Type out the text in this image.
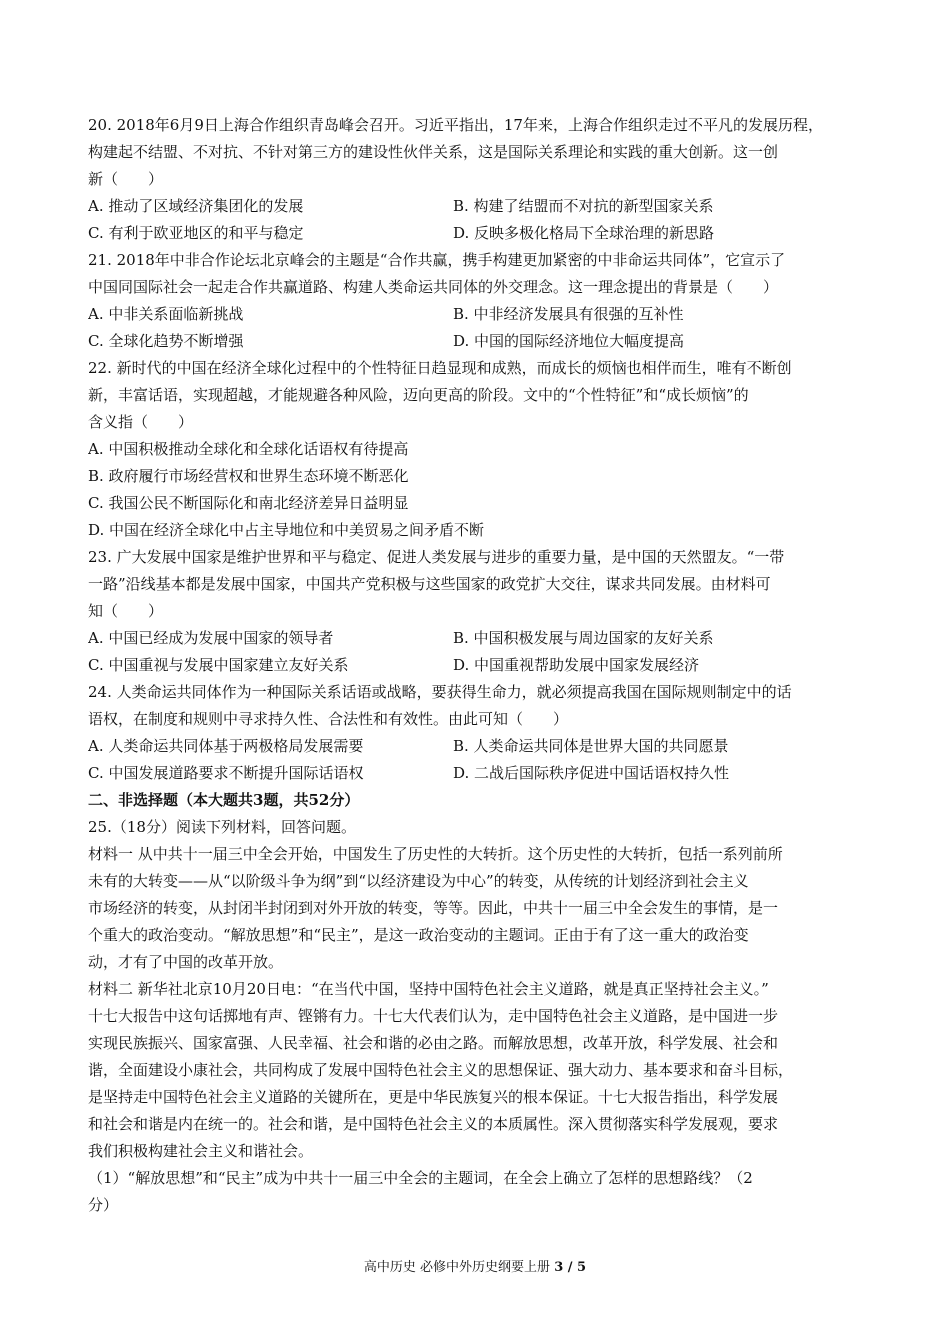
20. 2018年6月9日上海合作组织青岛峰会召开。习近平指出，17年来，上海合作组织走过不平凡的发展历程，
构建起不结盟、不对抗、不针对第三方的建设性伙伴关系，这是国际关系理论和实践的重大创新。这一创
新（　　）
A. 推动了区域经济集团化的发展	B. 构建了结盟而不对抗的新型国家关系
C. 有利于欧亚地区的和平与稳定	D. 反映多极化格局下全球治理的新思路
21. 2018年中非合作论坛北京峰会的主题是“合作共赢，携手构建更加紧密的中非命运共同体”，它宣示了
中国同国际社会一起走合作共赢道路、构建人类命运共同体的外交理念。这一理念提出的背景是（　　）
A. 中非关系面临新挑战	B. 中非经济发展具有很强的互补性
C. 全球化趋势不断增强	D. 中国的国际经济地位大幅度提高
22. 新时代的中国在经济全球化过程中的个性特征日趋显现和成熟，而成长的烦恼也相伴而生，唯有不断创
新，丰富话语，实现超越，才能规避各种风险，迈向更高的阶段。文中的“个性特征”和“成长烦恼”的
含义指（　　）
A. 中国积极推动全球化和全球化话语权有待提高
B. 政府履行市场经营权和世界生态环境不断恶化
C. 我国公民不断国际化和南北经济差异日益明显
D. 中国在经济全球化中占主导地位和中美贸易之间矛盾不断
23. 广大发展中国家是维护世界和平与稳定、促进人类发展与进步的重要力量，是中国的天然盟友。“一带
一路”沿线基本都是发展中国家，中国共产党积极与这些国家的政党扩大交往，谋求共同发展。由材料可
知（　　）
A. 中国已经成为发展中国家的领导者	B. 中国积极发展与周边国家的友好关系
C. 中国重视与发展中国家建立友好关系	D. 中国重视帮助发展中国家发展经济
24. 人类命运共同体作为一种国际关系话语或战略，要获得生命力，就必须提高我国在国际规则制定中的话
语权，在制度和规则中寻求持久性、合法性和有效性。由此可知（　　）
A. 人类命运共同体基于两极格局发展需要	B. 人类命运共同体是世界大国的共同愿景
C. 中国发展道路要求不断提升国际话语权	D. 二战后国际秩序促进中国话语权持久性
二、非选择题（本大题共3题，共52分）
25.（18分）阅读下列材料，回答问题。
材料一 从中共十一届三中全会开始，中国发生了历史性的大转折。这个历史性的大转折，包括一系列前所
未有的大转变——从“以阶级斗争为纲”到“以经济建设为中心”的转变，从传统的计划经济到社会主义
市场经济的转变，从封闭半封闭到对外开放的转变，等等。因此，中共十一届三中全会发生的事情，是一
个重大的政治变动。“解放思想”和“民主”，是这一政治变动的主题词。正由于有了这一重大的政治变
动，才有了中国的改革开放。
材料二 新华社北京10月20日电：“在当代中国，坚持中国特色社会主义道路，就是真正坚持社会主义。”
十七大报告中这句话掷地有声、铿锵有力。十七大代表们认为，走中国特色社会主义道路，是中国进一步
实现民族振兴、国家富强、人民幸福、社会和谐的必由之路。而解放思想，改革开放，科学发展、社会和
谐，全面建设小康社会，共同构成了发展中国特色社会主义的思想保证、强大动力、基本要求和奋斗目标，
是坚持走中国特色社会主义道路的关键所在，更是中华民族复兴的根本保证。十七大报告指出，科学发展
和社会和谐是内在统一的。社会和谐，是中国特色社会主义的本质属性。深入贯彻落实科学发展观，要求
我们积极构建社会主义和谐社会。
（1）“解放思想”和“民主”成为中共十一届三中全会的主题词，在全会上确立了怎样的思想路线？（2
分）
高中历史 必修中外历史纲要上册 3 / 5
